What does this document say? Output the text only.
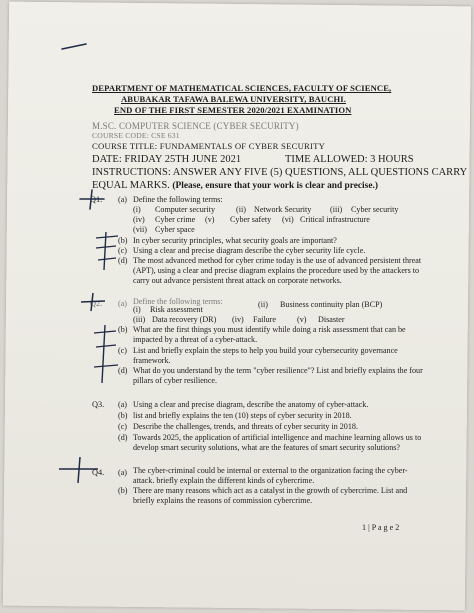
DEPARTMENT OF MATHEMATICAL SCIENCES, FACULTY OF SCIENCE,
ABUBAKAR TAFAWA BALEWA UNIVERSITY, BAUCHI.
END OF THE FIRST SEMESTER 2020/2021 EXAMINATION
M.SC. COMPUTER SCIENCE (CYBER SECURITY)
COURSE CODE: CSE 631
COURSE TITLE: FUNDAMENTALS OF CYBER SECURITY
DATE: FRIDAY 25TH JUNE 2021	TIME ALLOWED: 3 HOURS
INSTRUCTIONS: ANSWER ANY FIVE (5) QUESTIONS, ALL QUESTIONS CARRY
EQUAL MARKS. (Please, ensure that your work is clear and precise.)
Q1. (a) Define the following terms:
(i) Computer security	(ii) Network Security (iii) Cyber security
(iv) Cyber crime (v) Cyber safety (vi) Critical infrastructure
(vii) Cyber space
(b) In cyber security principles, what security goals are important?
(c) Using a clear and precise diagram describe the cyber security life cycle.
(d) The most advanced method for cyber crime today is the use of advanced persistent threat (APT), using a clear and precise diagram explains the procedure used by the attackers to carry out advance persistent threat attack on corporate networks.
Q2. (a) Define the following terms:
(i) Risk assessment
(ii) Business continuity plan (BCP)
(iii) Data recovery (DR) (iv) Failure	(v) Disaster
(b) What are the first things you must identify while doing a risk assessment that can be impacted by a threat of a cyber-attack.
(c) List and briefly explain the steps to help you build your cybersecurity governance framework.
(d) What do you understand by the term "cyber resilience"? List and briefly explains the four pillars of cyber resilience.
Q3. (a) Using a clear and precise diagram, describe the anatomy of cyber-attack.
(b) list and briefly explains the ten (10) steps of cyber security in 2018.
(c) Describe the challenges, trends, and threats of cyber security in 2018.
(d) Towards 2025, the application of artificial intelligence and machine learning allows us to develop smart security solutions, what are the features of smart security solutions?
Q4. (a) The cyber-criminal could be internal or external to the organization facing the cyber-attack. briefly explain the different kinds of cybercrime.
(b) There are many reasons which act as a catalyst in the growth of cybercrime. List and briefly explains the reasons of commission cybercrime.
1 | P a g e 2
